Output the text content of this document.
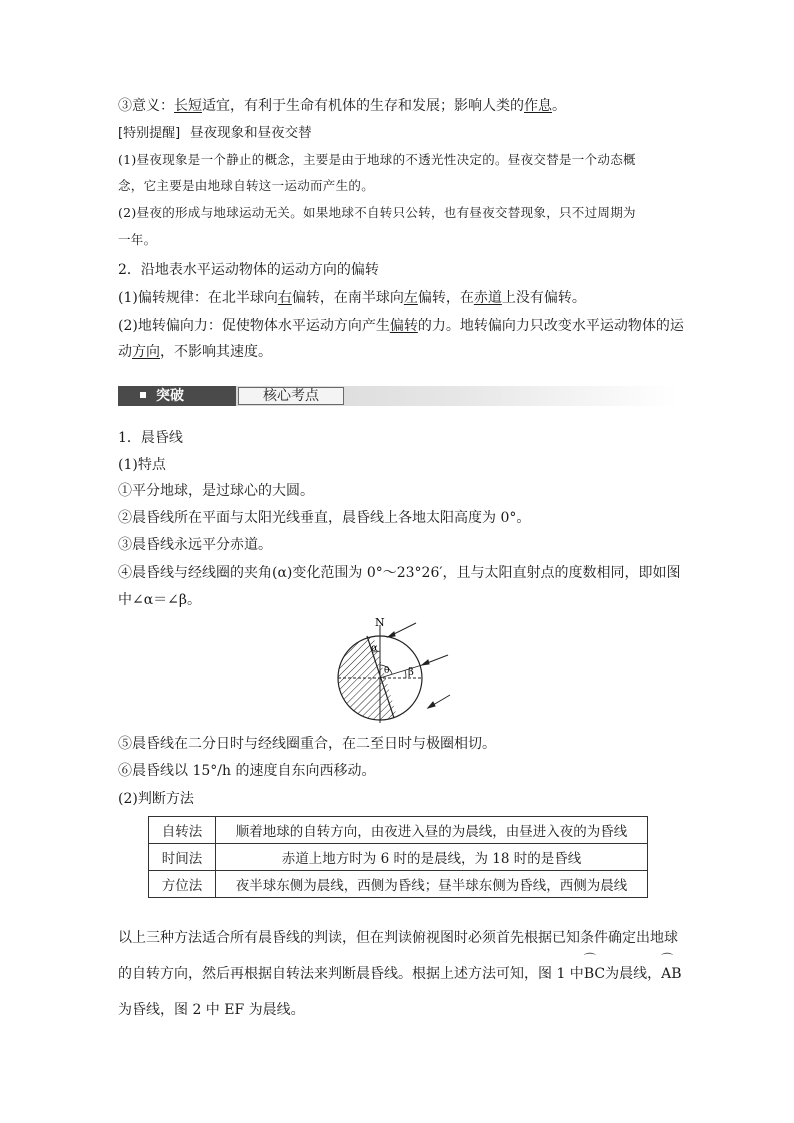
③意义：长短适宜，有利于生命有机体的生存和发展；影响人类的作息。
[特别提醒] 昼夜现象和昼夜交替
(1)昼夜现象是一个静止的概念，主要是由于地球的不透光性决定的。昼夜交替是一个动态概
念，它主要是由地球自转这一运动而产生的。
(2)昼夜的形成与地球运动无关。如果地球不自转只公转，也有昼夜交替现象，只不过周期为
一年。
2．沿地表水平运动物体的运动方向的偏转
(1)偏转规律：在北半球向右偏转，在南半球向左偏转，在赤道上没有偏转。
(2)地转偏向力：促使物体水平运动方向产生偏转的力。地转偏向力只改变水平运动物体的运
动方向，不影响其速度。
突破	核心考点
1．晨昏线
(1)特点
①平分地球，是过球心的大圆。
②晨昏线所在平面与太阳光线垂直，晨昏线上各地太阳高度为 0°。
③晨昏线永远平分赤道。
④晨昏线与经线圈的夹角(α)变化范围为 0°～23°26′，且与太阳直射点的度数相同，即如图
中∠α＝∠β。
N
α
θ β
⑤晨昏线在二分日时与经线圈重合，在二至日时与极圈相切。
⑥晨昏线以 15°/h 的速度自东向西移动。
(2)判断方法
自转法	顺着地球的自转方向，由夜进入昼的为晨线，由昼进入夜的为昏线
时间法	赤道上地方时为 6 时的是晨线，为 18 时的是昏线
方位法	夜半球东侧为晨线，西侧为昏线；昼半球东侧为昏线，西侧为晨线
以上三种方法适合所有晨昏线的判读，但在判读俯视图时必须首先根据已知条件确定出地球
的自转方向，然后再根据自转法来判断晨昏线。根据上述方法可知，图 1 中⌒ BC为晨线，⌒ AB
为昏线，图 2 中 EF 为晨线。
